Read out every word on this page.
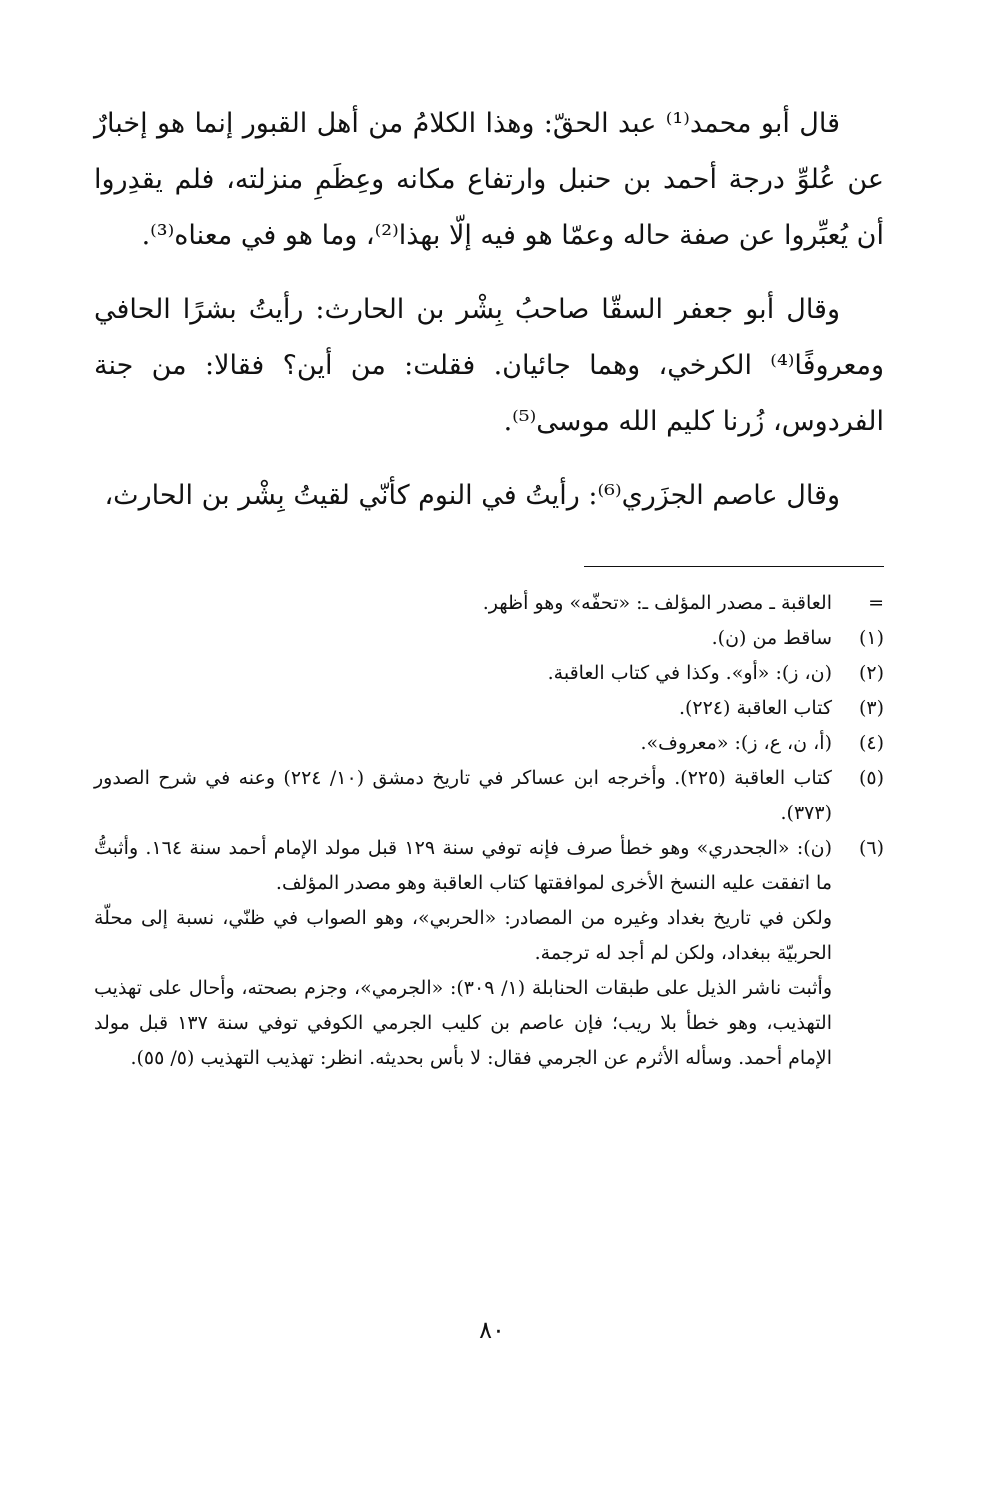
قال أبو محمد⁽¹⁾ عبد الحقّ: وهذا الكلامُ من أهل القبور إنما هو إخبارٌ عن عُلوِّ درجة أحمد بن حنبل وارتفاع مكانه وعِظَمِ منزلته، فلم يقدِروا أن يُعبِّروا عن صفة حاله وعمّا هو فيه إلّا بهذا⁽²⁾، وما هو في معناه⁽³⁾.

وقال أبو جعفر السقّا صاحبُ بِشْر بن الحارث: رأيتُ بشرًا الحافي ومعروفًا⁽⁴⁾ الكرخي، وهما جائيان. فقلت: من أين؟ فقالا: من جنة الفردوس، زُرنا كليم الله موسى⁽⁵⁾.

وقال عاصم الجزَري⁽⁶⁾: رأيتُ في النوم كأنّي لقيتُ بِشْر بن الحارث،

=
العاقبة ـ مصدر المؤلف ـ: «تحفّه» وهو أظهر.
(١)
ساقط من (ن).
(٢)
(ن، ز): «أو». وكذا في كتاب العاقبة.
(٣)
كتاب العاقبة (٢٢٤).
(٤)
(أ، ن، ع، ز): «معروف».
(٥)
كتاب العاقبة (٢٢٥). وأخرجه ابن عساكر في تاريخ دمشق (١٠/ ٢٢٤) وعنه في شرح الصدور (٣٧٣).
(٦)
(ن): «الجحدري» وهو خطأ صرف فإنه توفي سنة ١٢٩ قبل مولد الإمام أحمد سنة ١٦٤. وأثبتُّ ما اتفقت عليه النسخ الأخرى لموافقتها كتاب العاقبة وهو مصدر المؤلف.
ولكن في تاريخ بغداد وغيره من المصادر: «الحربي»، وهو الصواب في ظنّي، نسبة إلى محلّة الحربيّة ببغداد، ولكن لم أجد له ترجمة.
وأثبت ناشر الذيل على طبقات الحنابلة (١/ ٣٠٩): «الجرمي»، وجزم بصحته، وأحال على تهذيب التهذيب، وهو خطأ بلا ريب؛ فإن عاصم بن كليب الجرمي الكوفي توفي سنة ١٣٧ قبل مولد الإمام أحمد. وسأله الأثرم عن الجرمي فقال: لا بأس بحديثه. انظر: تهذيب التهذيب (٥/ ٥٥).
٨٠
